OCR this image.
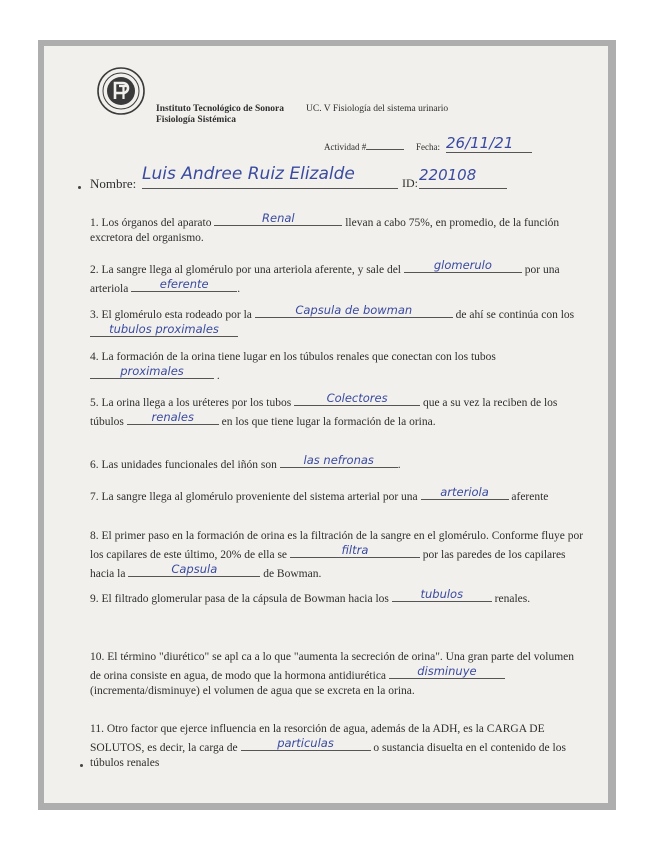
Instituto Tecnológico de Sonora
Fisiología Sistémica
UC. V Fisiología del sistema urinario
Actividad #	Fecha: 26/11/21
Nombre: Luis Andree Ruiz Elizalde	ID: 220108

1. Los órganos del aparato	Renal	llevan a cabo 75%, en promedio, de la función excretora del organismo.

2. La sangre llega al glomérulo por una arteriola aferente, y sale del	glomerulo	por una arteriola	eferente .

3. El glomérulo esta rodeado por la	Capsula de bowman	de ahí se continúa con los tubulos proximales

4. La formación de la orina tiene lugar en los túbulos renales que conectan con los tubos proximales	.

5. La orina llega a los uréteres por los tubos	Colectores	que a su vez la reciben de los túbulos renales en los que tiene lugar la formación de la orina.

6. Las unidades funcionales del iñón son las nefronas .

7. La sangre llega al glomérulo proveniente del sistema arterial por una arteriola aferente

8. El primer paso en la formación de orina es la filtración de la sangre en el glomérulo. Conforme fluye por los capilares de este último, 20% de ella se	filtra	por las paredes de los capilares hacia la	Capsula	de Bowman.

9. El filtrado glomerular pasa de la cápsula de Bowman hacia los	tubulos	renales.

10. El término "diurético" se apl ca a lo que "aumenta la secreción de orina". Una gran parte del volumen de orina consiste en agua, de modo que la hormona antidiurética	disminuye (incrementa/disminuye) el volumen de agua que se excreta en la orina.

11. Otro factor que ejerce influencia en la resorción de agua, además de la ADH, es la CARGA DE SOLUTOS, es decir, la carga de	particulas	o sustancia disuelta en el contenido de los túbulos renales
